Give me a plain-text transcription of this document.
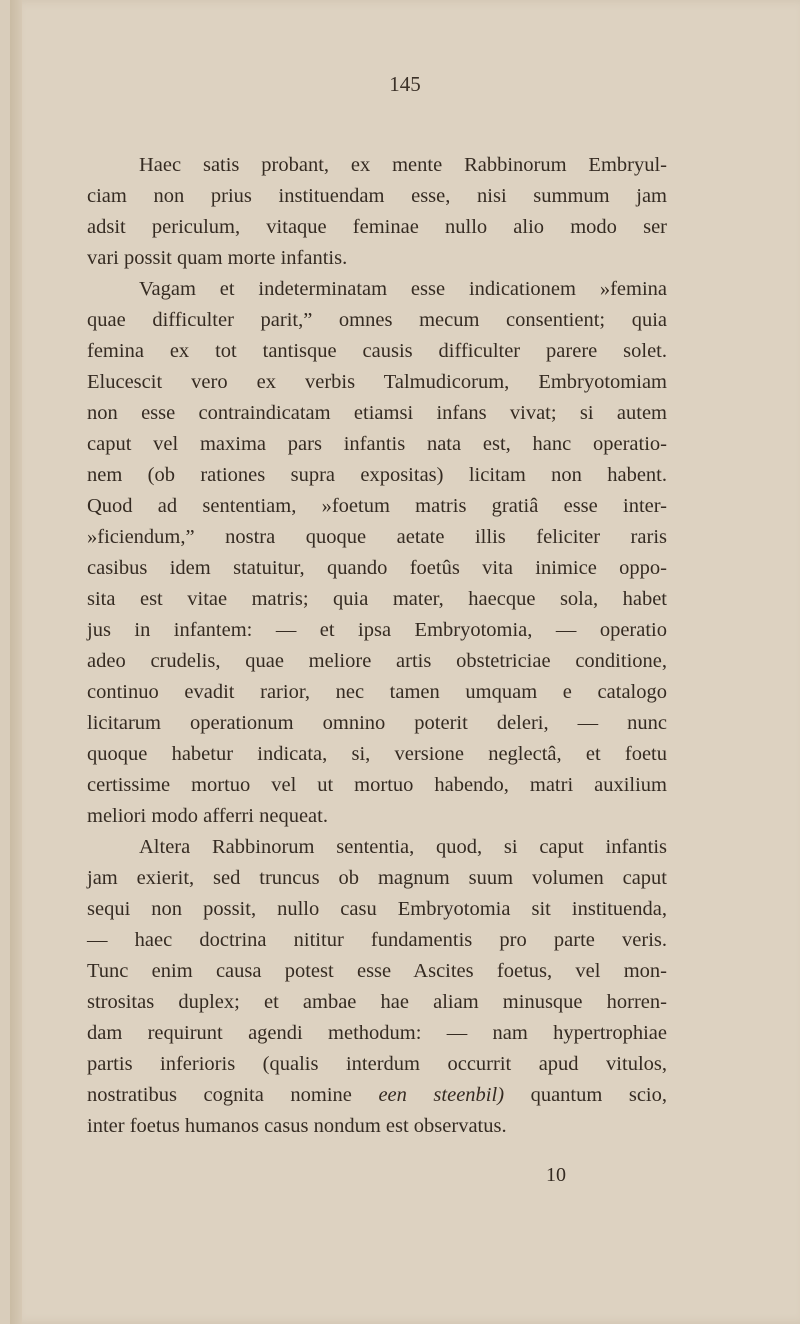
145

Haec satis probant, ex mente Rabbinorum Embryul-
ciam non prius instituendam esse, nisi summum jam
adsit periculum, vitaque feminae nullo alio modo ser
vari possit quam morte infantis.
Vagam et indeterminatam esse indicationem »femina
quae difficulter parit,” omnes mecum consentient; quia
femina ex tot tantisque causis difficulter parere solet.
Elucescit vero ex verbis Talmudicorum, Embryotomiam
non esse contraindicatam etiamsi infans vivat; si autem
caput vel maxima pars infantis nata est, hanc operatio-
nem (ob rationes supra expositas) licitam non habent.
Quod ad sententiam, »foetum matris gratiâ esse inter-
»ficiendum,” nostra quoque aetate illis feliciter raris
casibus idem statuitur, quando foetûs vita inimice oppo-
sita est vitae matris; quia mater, haecque sola, habet
jus in infantem: — et ipsa Embryotomia, — operatio
adeo crudelis, quae meliore artis obstetriciae conditione,
continuo evadit rarior, nec tamen umquam e catalogo
licitarum operationum omnino poterit deleri, — nunc
quoque habetur indicata, si, versione neglectâ, et foetu
certissime mortuo vel ut mortuo habendo, matri auxilium
meliori modo afferri nequeat.
Altera Rabbinorum sententia, quod, si caput infantis
jam exierit, sed truncus ob magnum suum volumen caput
sequi non possit, nullo casu Embryotomia sit instituenda,
— haec doctrina nititur fundamentis pro parte veris.
Tunc enim causa potest esse Ascites foetus, vel mon-
strositas duplex; et ambae hae aliam minusque horren-
dam requirunt agendi methodum: — nam hypertrophiae
partis inferioris (qualis interdum occurrit apud vitulos,
nostratibus cognita nomine een steenbil) quantum scio,
inter foetus humanos casus nondum est observatus.

10
